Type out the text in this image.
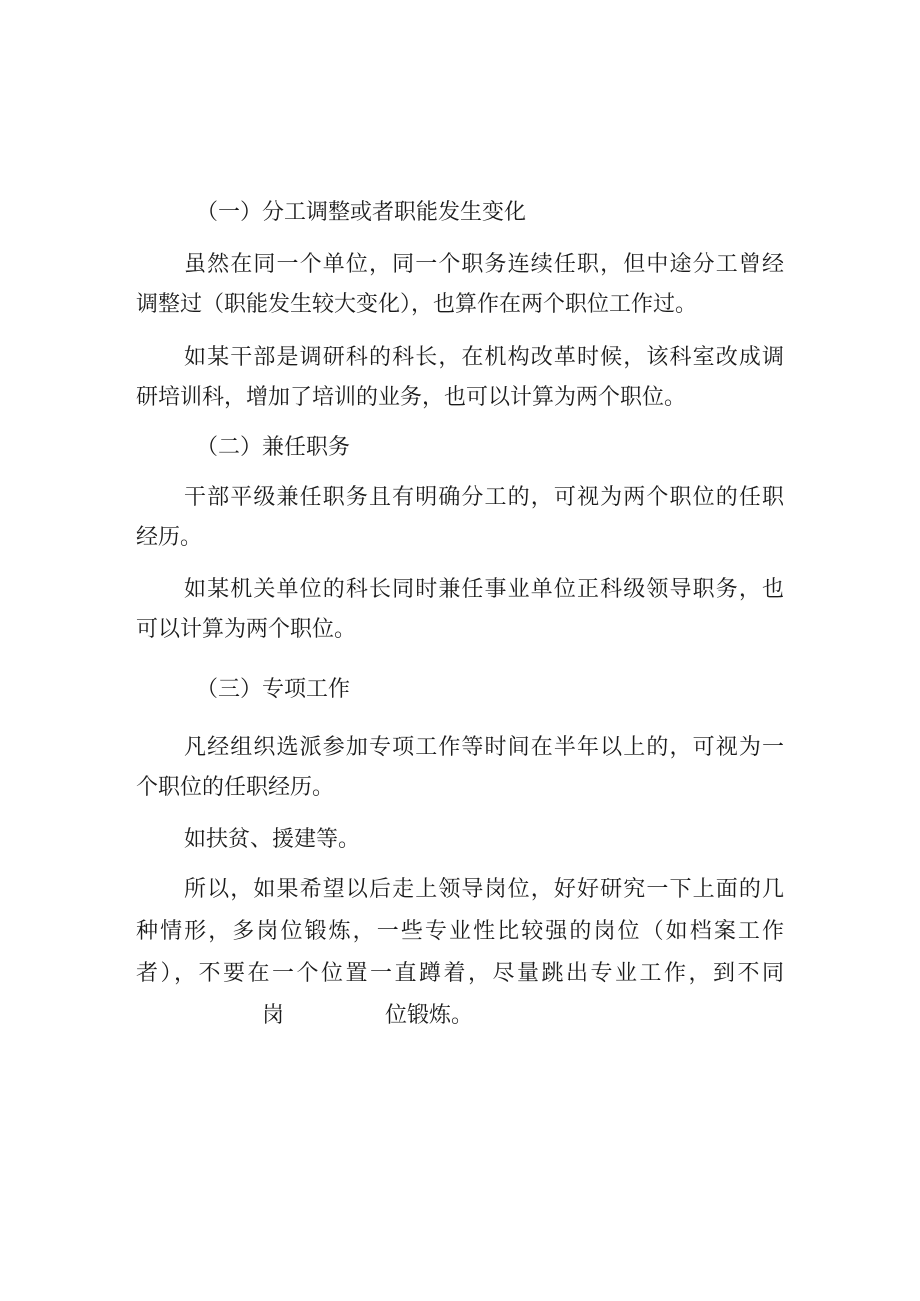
（一）分工调整或者职能发生变化
虽然在同一个单位，同一个职务连续任职，但中途分工曾经
调整过（职能发生较大变化），也算作在两个职位工作过。
如某干部是调研科的科长，在机构改革时候，该科室改成调
研培训科，增加了培训的业务，也可以计算为两个职位。
（二）兼任职务
干部平级兼任职务且有明确分工的，可视为两个职位的任职
经历。
如某机关单位的科长同时兼任事业单位正科级领导职务，也
可以计算为两个职位。
（三）专项工作
凡经组织选派参加专项工作等时间在半年以上的，可视为一
个职位的任职经历。
如扶贫、援建等。
所以，如果希望以后走上领导岗位，好好研究一下上面的几
种情形，多岗位锻炼，一些专业性比较强的岗位（如档案工作
者），不要在一个位置一直蹲着，尽量跳出专业工作，到不同
岗	位锻炼。
